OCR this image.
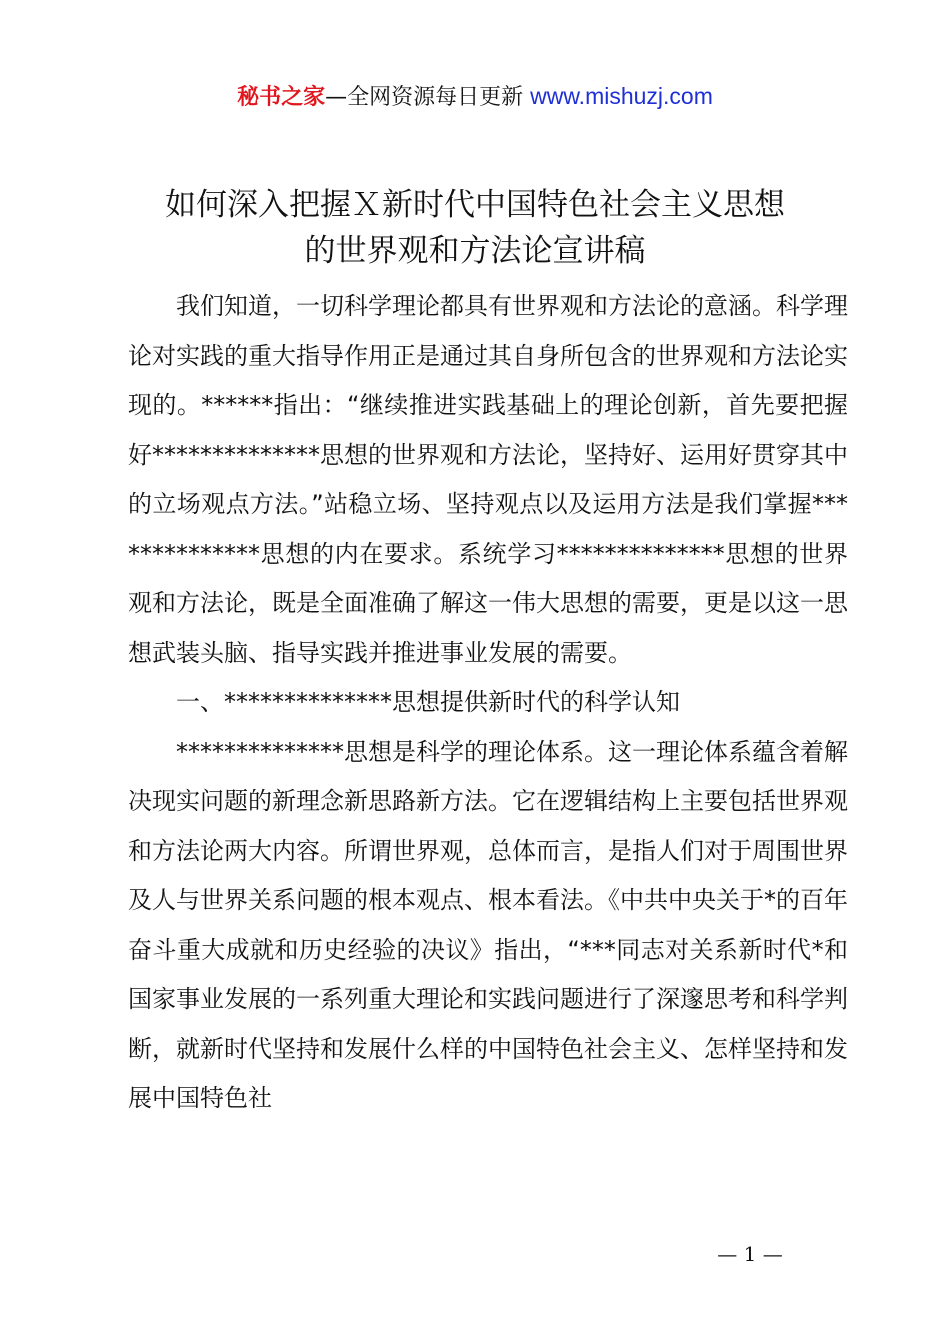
秘书之家—全网资源每日更新 www.mishuzj.com
如何深入把握Ｘ新时代中国特色社会主义思想
的世界观和方法论宣讲稿

我们知道，一切科学理论都具有世界观和方法论的意涵。科学理论对实践的重大指导作用正是通过其自身所包含的世界观和方法论实现的。******指出：“继续推进实践基础上的理论创新，首先要把握好**************思想的世界观和方法论，坚持好、运用好贯穿其中的立场观点方法。”站稳立场、坚持观点以及运用方法是我们掌握**************思想的内在要求。系统学习**************思想的世界观和方法论，既是全面准确了解这一伟大思想的需要，更是以这一思想武装头脑、指导实践并推进事业发展的需要。

一、**************思想提供新时代的科学认知

**************思想是科学的理论体系。这一理论体系蕴含着解决现实问题的新理念新思路新方法。它在逻辑结构上主要包括世界观和方法论两大内容。所谓世界观，总体而言，是指人们对于周围世界及人与世界关系问题的根本观点、根本看法。《中共中央关于*的百年奋斗重大成就和历史经验的决议》指出，“***同志对关系新时代*和国家事业发展的一系列重大理论和实践问题进行了深邃思考和科学判断，就新时代坚持和发展什么样的中国特色社会主义、怎样坚持和发展中国特色社

— 1 —
